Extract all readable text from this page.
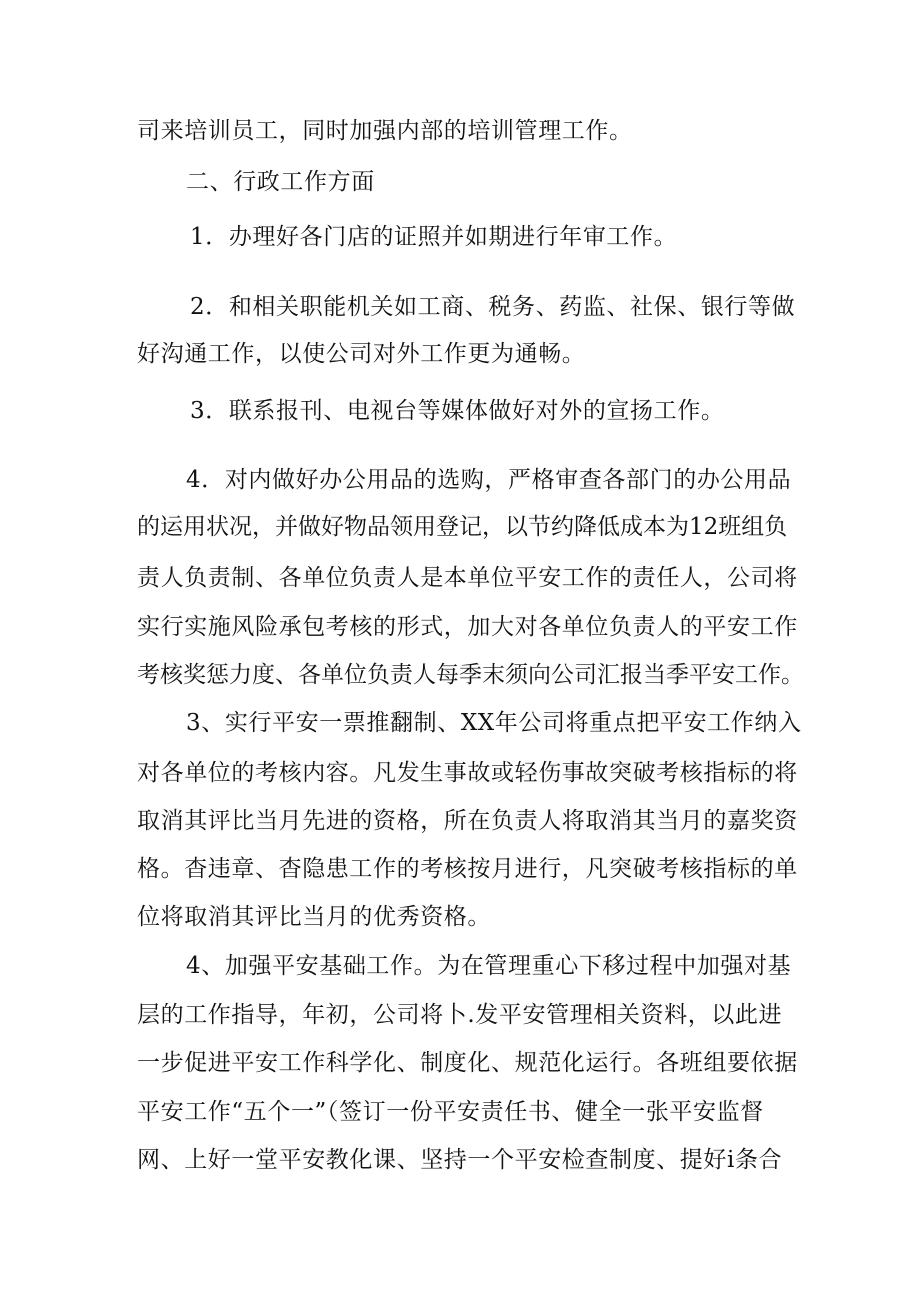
司来培训员工，同时加强内部的培训管理工作。
二、行政工作方面
1．办理好各门店的证照并如期进行年审工作。
2．和相关职能机关如工商、税务、药监、社保、银行等做
好沟通工作，以使公司对外工作更为通畅。
3．联系报刊、电视台等媒体做好对外的宣扬工作。
4．对内做好办公用品的选购，严格审查各部门的办公用品
的运用状况，并做好物品领用登记，以节约降低成本为12班组负
责人负责制、各单位负责人是本单位平安工作的责任人，公司将
实行实施风险承包考核的形式，加大对各单位负责人的平安工作
考核奖惩力度、各单位负责人每季末须向公司汇报当季平安工作。
3、实行平安一票推翻制、XX年公司将重点把平安工作纳入
对各单位的考核内容。凡发生事故或轻伤事故突破考核指标的将
取消其评比当月先进的资格，所在负责人将取消其当月的嘉奖资
格。杳违章、杳隐患工作的考核按月进行，凡突破考核指标的单
位将取消其评比当月的优秀资格。
4、加强平安基础工作。为在管理重心下移过程中加强对基
层的工作指导，年初，公司将卜.发平安管理相关资料，以此进
一步促进平安工作科学化、制度化、规范化运行。各班组要依据
平安工作“五个一”（签订一份平安责任书、健全一张平安监督
网、上好一堂平安教化课、坚持一个平安检查制度、提好i条合
